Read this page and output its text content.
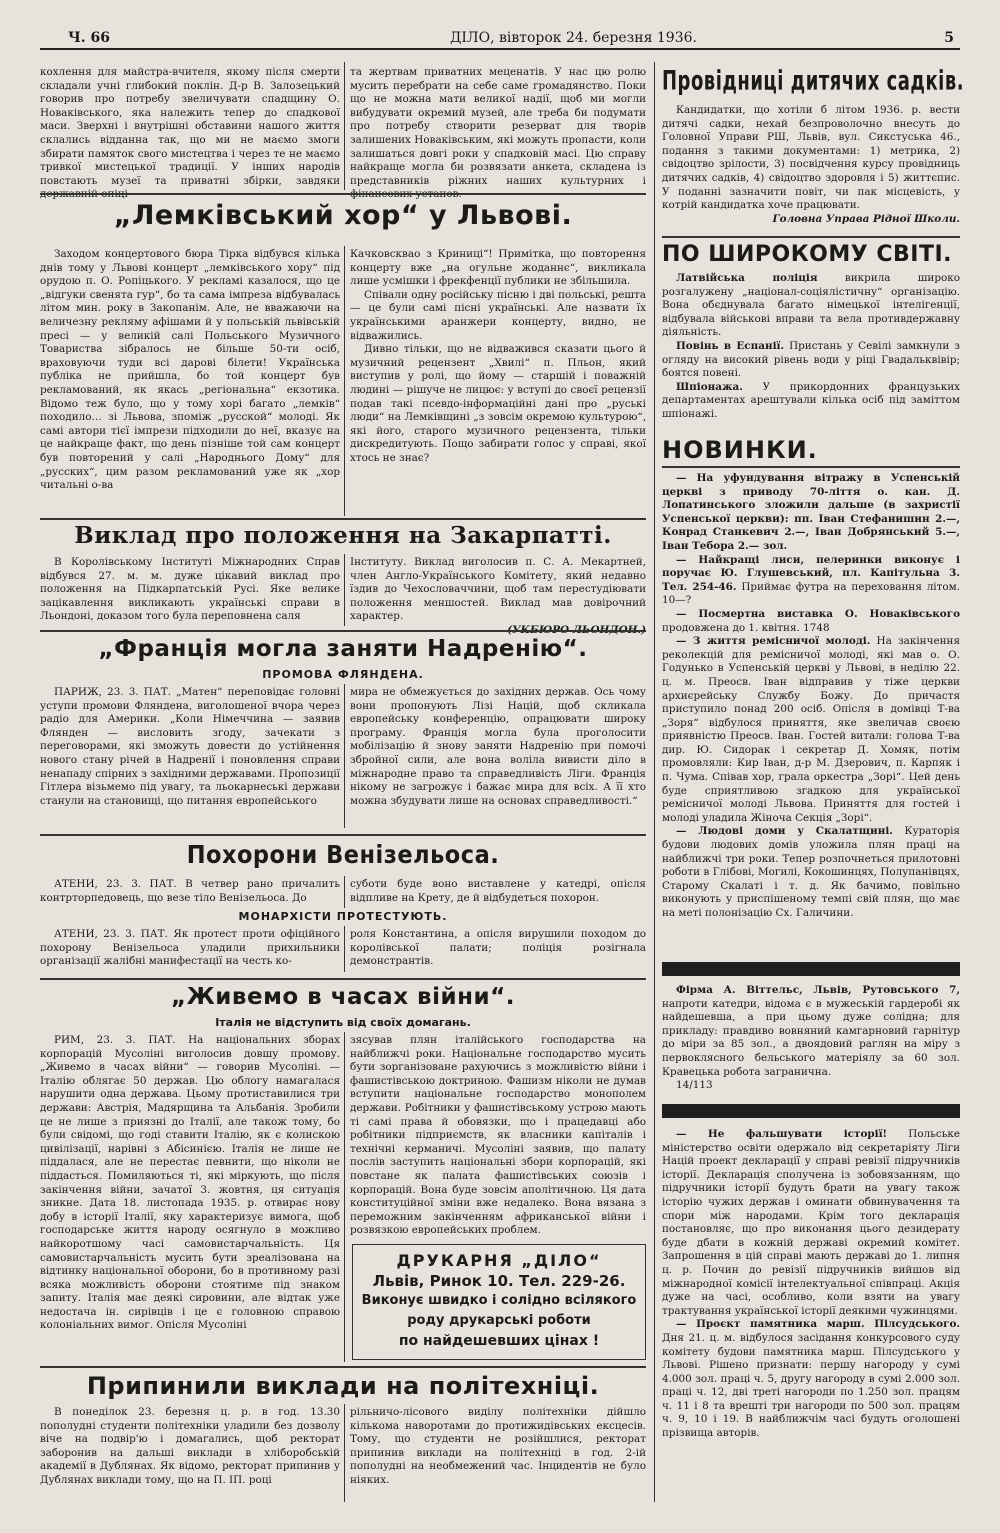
Ч. 66	ДІЛО, вівторок 24. березня 1936.	5

кохлення для майстра-вчителя, якому після смерти складали учні глибокий поклін. Д-р В. Залозецький говорив про потребу звеличувати спадщину О. Новаківського, яка належить тепер до спадкової маси. Зверхні і внутрішні обставини нашого життя склались відданна так, що ми не маємо змоги збирати памяток свого мистецтва і через те не маємо тривкої мистецької традиції. У інших народів повстають музеї та приватні збірки, завдяки

та жертвам приватних меценатів. У нас цю ролю мусить перебрати на себе саме громадянство. Поки що не можна мати великої надії, щоб ми могли вибудувати окремий музей, але треба би подумати про потребу створити резерват для творів залишених Новаківським, які можуть пропасти, коли залишаться довгі роки у спадковій масі. Цю справу найкраще могла би розвязати анкета, складена із представників ріжних наших культурних і

Провідниці дитячих садків.

Кандидатки, що хотіли б літом 1936. р. вести дитячі садки, нехай безпроволочно внесуть до Головної Управи РШ, Львів, вул. Сикстуська 46., подання з такими документами: 1) метрика, 2) свідоцтво зрілости, 3) посвідчення курсу провідниць дитячих садків, 4) свідоцтво здоровля і 5) життєпис. У поданні зазначити повіт, чи пак місцевість, у котрій кандидатка хоче працювати.

Головна Управа Рідної Школи.

„Лемківський хор“ у Львові.

Заходом концертового бюра Тірка відбувся кілька днів тому у Львові концерт „лемківського хору“ під орудою п. О. Ропіцького. У рекламі казалося, що це „відгуки свенята гур“, бо та сама імпреза відбувалась літом мин. року в Закопанім. Але, не вважаючи на величезну рекляму афішами й у польській львівській пресі — у великій салі Польського Музичного Товариства зібралось не більше 50-ти осіб, враховуючи туди всі даровi білети! Українська публіка не прийшла, бо той концерт був рекламований, як якась „регіональна“ екзотика. Відомо теж було, що у тому хорі багато „лемків“ походило… зі Львова, зпоміж „русской“ молоді. Як самі автори тієї імпрези підходили до неї, вказує на це найкраще факт, що день пізніше той сам концерт був повторений у салі „Народнього Дому“ для „русских“, цим разом рекламований уже як „хор читальні о-ва

Качковсквао з Криниці“! Примітка, що повторення концерту вже „на огульне жоданнє“, викликала лише усмішки і фрекфенції публики не збільшила.

Співали одну російську пісню і дві польські, решта — це були самі пісні українські. Але назвати їх українськими аранжери концерту, видно, не відважились.

Дивно тільки, що не відважився сказати цього й музичний рецензент „Хвилі“ п. Пльон, який виступив у ролі, що йому — старшій і поважній людині — рішуче не лицює: у вступі до своєї рецензії подав такі псевдо-інформаційні дані про „руські люди“ на Лемківщині „з зовсім окремою культурою“, які його, старого музичного рецензента, тільки дискредитують. Пощо забирати голос у справі, якої хтось не знає?

Виклад про положення на Закарпатті.

В Королівському Інституті Міжнародних Справ відбувся 27. м. м. дуже цікавий виклад про положення на Підкарпатській Русі. Яке велике зацікавлення викликають українські справи в Льондоні, доказом того була переповнена саля

Інституту. Виклад виголосив п. С. А. Мекартней, член Англо-Українського Комітету, який недавно їздив до Чехословаччини, щоб там перестудіювати положення меншостей. Виклад мав довірочний характер.

„Франція могла заняти Надренію“.
ПРОМОВА ФЛЯНДЕНА.

ПАРИЖ, 23. 3. ПАТ. „Матен“ переповідає головні уступи промови Фляндена, виголошеної вчора через радіо для Америки. „Коли Німеччина — заявив Флянден — висловить згоду, зачекати з переговорами, які зможуть довести до устійнення нового стану річей в Надренії і поновлення справи ненападу спірних з західними державами. Пропозиції Гітлера візьмемо під увагу, та льокарнеські держави станули на становищі, що питання европейського

мира не обмежується до західних держав. Ось чому вони пропонують Лізі Націй, щоб скликала европейську конференцію, опрацювати широку програму. Франція могла була проголосити мобілізацію й знову заняти Надренію при помочі збройної сили, але вона воліла вивисти діло в міжнародне право та справедливість Ліги. Франція нікому не загрожує і бажає мира для всіх. А її хто можна збудувати лише на основах справедливості.“

Похорони Венізельоса.

АТЕНИ, 23. 3. ПАТ. В четвер рано причалить контрторпедовець, що везе тіло Венізельоса. До

суботи буде воно виставлене у катедрі, опісля відпливе на Крету, де й відбудеться похорон.

МОНАРХІСТИ ПРОТЕСТУЮТЬ.

АТЕНИ, 23. 3. ПАТ. Як протест проти офіційного похорону Венізельоса уладили прихильники організації жалібні манифестації на честь ко-

роля Константина, а опісля вирушили походом до королівської палати; поліція розігнала демонстрантів.

„Живемо в часах війни“.
Італія не відступить від своїх домагань.

РИМ, 23. 3. ПАТ. На національних зборах корпорацій Мусоліні виголосив довшу промову. „Живемо в часах війни“ — говорив Мусоліні. — Італію облягає 50 держав. Цю облогу намагалася нарушити одна держава. Цьому протиставилися три держави: Австрія, Мадярщина та Альбанія. Зробили це не лише з приязні до Італії, але також тому, бо були свідомі, що годі ставити Італію, як є колискою цивілізації, нарівні з Абісинією. Італія не лише не піддалася, але не перестає певнити, що ніколи не піддасться. Помиляються ті, які міркують, що після закінчення війни, зачатої 3. жовтня, ця ситуація зникне. Дата 18. листопада 1935. р. отвирає нову добу в історії Італії, яку характеризує вимога, щоб господарське життя народу осягнуло в можливо найкоротшому часі самовистарчальність. Ця самовистарчальність мусить бути зреалізована на відтинку національної оборони, бо в противному разі всяка можливість оборони стоятиме під знаком запиту. Італія має деякі сировини, але відтак уже недостача ін. сирівців і це є головною справою колоніальних вимог. Опісля Мусоліні

зясував плян італійського господарства на найближчі роки. Національне господарство мусить бути зорганізоване рахуючись з можливістю війни і фашистівською доктриною. Фашизм ніколи не думав вступити національне господарство монополем держави. Робітники у фашистівському устрою мають ті самі права й обовязки, що і працедавці або робітники підприємств, як власники капіталів і технічні керманичі. Мусоліні заявив, що палату послів заступить національні збори корпорацій, які повстане як палата фашистівських союзів і корпорацій. Вона буде зовсім аполітичною. Ця дата конституційної зміни вже недалеко. Вона вязана з переможним закінченням африканської війни і розвязкою европейських проблем.

ДРУКАРНЯ „ДІЛО“
Львів, Ринок 10. Тел. 229-26.
Виконує швидко і солідно всілякого
роду друкарські роботи
по найдешевших цінах !
Припинили виклади на політехніці.

В понеділок 23. березня ц. р. в год. 13.30 пополудні студенти політехніки уладили без дозволу віче на подвір'ю і домагались, щоб ректорат заборонив на дальші виклади в хліборобській академії в Дублянах. Як відомо, ректорат припинив у Дублянах виклади тому, що на П. ІП. році

рільничо-лісового виділу політехніки дійшло кількома наворотами до протижидівських ексцесів. Тому, що студенти не розійшлися, ректорат припинив виклади на політехніці в год. 2-ій пополудні на необмежений час. Інцидентів не було ніяких.

ПО ШИРОКОМУ СВІТІ.

Латвійська поліція	викрила широко розгалужену „націонал-соціялістичну“ організацію. Вона обєднувала багато німецької інтелігенції, відбувала військові вправи та вела противдержавну діяльність.

Повінь в Еспанії. Пристань у Севілі замкнули з огляду на високий рівень води у ріці Гвадальквівір; боятся повені.

Шпіонажа. У прикордонних французьких департаментах арештували кілька осіб під заміттом шпіонажі.

НОВИНКИ.

— На уфундування вітражу в Успенській церкві з приводу 70-ліття о. кан. Д. Лопатинського зложили дальше (в захристії Успенської церкви): пп. Іван Стефанишин 2.—, Конрад Станкевич 2.—, Іван Добрянський 5.—, Іван Тебора 2.— зол.

— Найкращі лиси, пелеринки виконує і поручає Ю. Глушевський, пл. Капітульна 3. Тел. 254-46. Приймає футра на переховання літом. 10—?

— Посмертна виставка О. Новаківського продовжена до 1. квітня. 1748

— З життя ремісничої молоді. На закінчення реколекцій для ремісничої молоді, які мав о. О. Годунько в Успенській церкві у Львові, в неділю 22. ц. м. Преосв. Іван відправив у тіже церкви архиєрейську Службу Божу. До причастя приступило понад 200 осіб. Опісля в домівці Т-ва „Зоря“ відбулося приняття, яке звеличав своєю приявністю Преосв. Іван. Гостей витали: голова Т-ва дир. Ю. Сидорак і секретар Д. Хомяк, потім промовляли: Кир Іван, д-р М. Дзерович, п. Карпяк і п. Чума. Співав хор, грала оркестра „Зорі“. Цей день буде сприятливою згадкою для української ремісничої молоді Львова. Приняття для гостей і молоді уладила Жіноча Секція „Зорі“.

— Людові доми у Скалатщині. Кураторія будови людових домів уложила плян праці на найближчі три роки. Тепер розпочнеться прилотовні роботи в Глібові, Могилі, Кокошинцях, Полупанівцях, Старому Скалаті і т. д. Як бачимо, повільно виконують у приспішеному темпі свій плян, що має на меті полонізацію Сх. Галичини.

Фірма А. Віттельс, Львів, Рутовського 7, напроти катедри, відома є в мужеській гардеробі як найдешевша, а при цьому дуже солідна; для прикладу: правдиво вовняний камгарновий гарнітур до міри за 85 зол., а двоядовий раглян на міру з первоклясного бельського матеріялу за 60 зол. Кравецька робота загранична.

14/113

— Не фальшувати історії! Польське міністерство освіти одержало від секретаріяту Ліги Націй проект декларації у справі ревізії підручників історії. Декларація сполучена із зобовязанням, що підручники історії будуть брати на увагу також історію чужих держав і оминати обвинувачення та спори між народами. Крім того декларація постановляє, що про виконання цього дезидерату буде дбати в кожній державі окремий комітет. Запрошення в цій справі мають державі до 1. липня ц. р. Почин до ревізії підручників вийшов від міжнародної комісії інтелектуальної співпраці. Акція дуже на часі, особливо, коли взяти на увагу трактування української історії деякими чужинцями.

— Проєкт памятника марш. Пілсудського. Дня 21. ц. м. відбулося засідання конкурсового суду комітету будови памятника марш. Пілсудського у Львові. Рішено признати: першу нагороду у сумі 4.000 зол. праці ч. 5, другу нагороду в сумі 2.000 зол. праці ч. 12, дві треті нагороди по 1.250 зол. працям ч. 11 і 8 та врешті три нагороди по 500 зол. працям ч. 9, 10 і 19. В найближчім часі будуть оголошені прізвища авторів.
